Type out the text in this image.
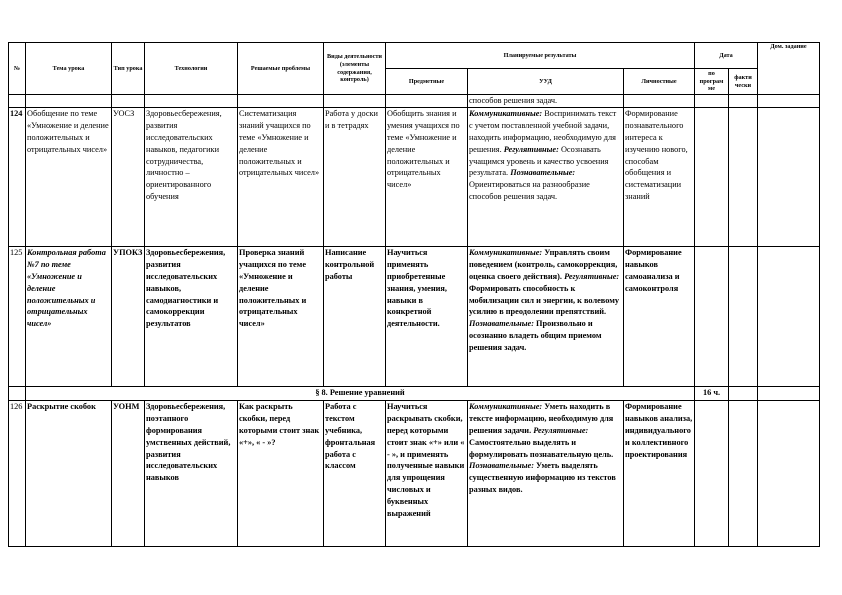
№	Тема урока	Тип урока	Технологии	Решаемые проблемы	Виды деятельности (элементы содержания, контроль)	Планируемые результаты			Дата		Дом. задание
						Предметные	УУД	Личностные	по програм ме	факти чески	
							способов решения задач.				
124	Обобщение по теме «Умножение и деление положительных и отрицательных чисел»	УОСЗ	Здоровьесбережения, развития исследовательских навыков, педагогики сотрудничества, личностно – ориентированного обучения	Систематизация знаний учащихся по теме «Умножение и деление положительных и отрицательных чисел»	Работа у доски и в тетрадях	Обобщить знания и умения учащихся по теме «Умножение и деление положительных и отрицательных чисел»	Коммуникативные: Воспринимать текст с учетом поставленной учебной задачи, находить информацию, необходимую для решения. Регулятивные: Осознавать учащимся уровень и качество усвоения результата. Познавательные: Ориентироваться на разнообразие способов решения задач.	Формирование познавательного интереса к изучению нового, способам обобщения и систематизации знаний			
125	Контрольная работа №7 по теме «Умножение и деление положительных и отрицательных чисел»	УПОКЗ	Здоровьесбережения, развития исследовательских навыков, самодиагностики и самокоррекции результатов	Проверка знаний учащихся по теме «Умножение и деление положительных и отрицательных чисел»	Написание контрольной работы	Научиться применять приобретенные знания, умения, навыки в конкретной деятельности.	Коммуникативные: Управлять своим поведением (контроль, самокоррекция, оценка своего действия). Регулятивные: Формировать способность к мобилизации сил и энергии, к волевому усилию в преодолении препятствий. Познавательные: Произвольно и осознанно владеть общим приемом решения задач.	Формирование навыков самоанализа и самоконтроля			
	§ 8. Решение уравнений								16 ч.		
126	Раскрытие скобок	УОНМ	Здоровьесбережения, поэтапного формирования умственных действий, развития исследовательских навыков	Как раскрыть скобки, перед которыми стоит знак «+», « - »?	Работа с текстом учебника, фронтальная работа с классом	Научиться раскрывать скобки, перед которыми стоит знак «+» или « - », и применять полученные навыки для упрощения числовых и буквенных выражений	Коммуникативные: Уметь находить в тексте информацию, необходимую для решения задачи. Регулятивные: Самостоятельно выделять и формулировать познавательную цель. Познавательные: Уметь выделять существенную информацию из текстов разных видов.	Формирование навыков анализа, индивидуального и коллективного проектирования			
